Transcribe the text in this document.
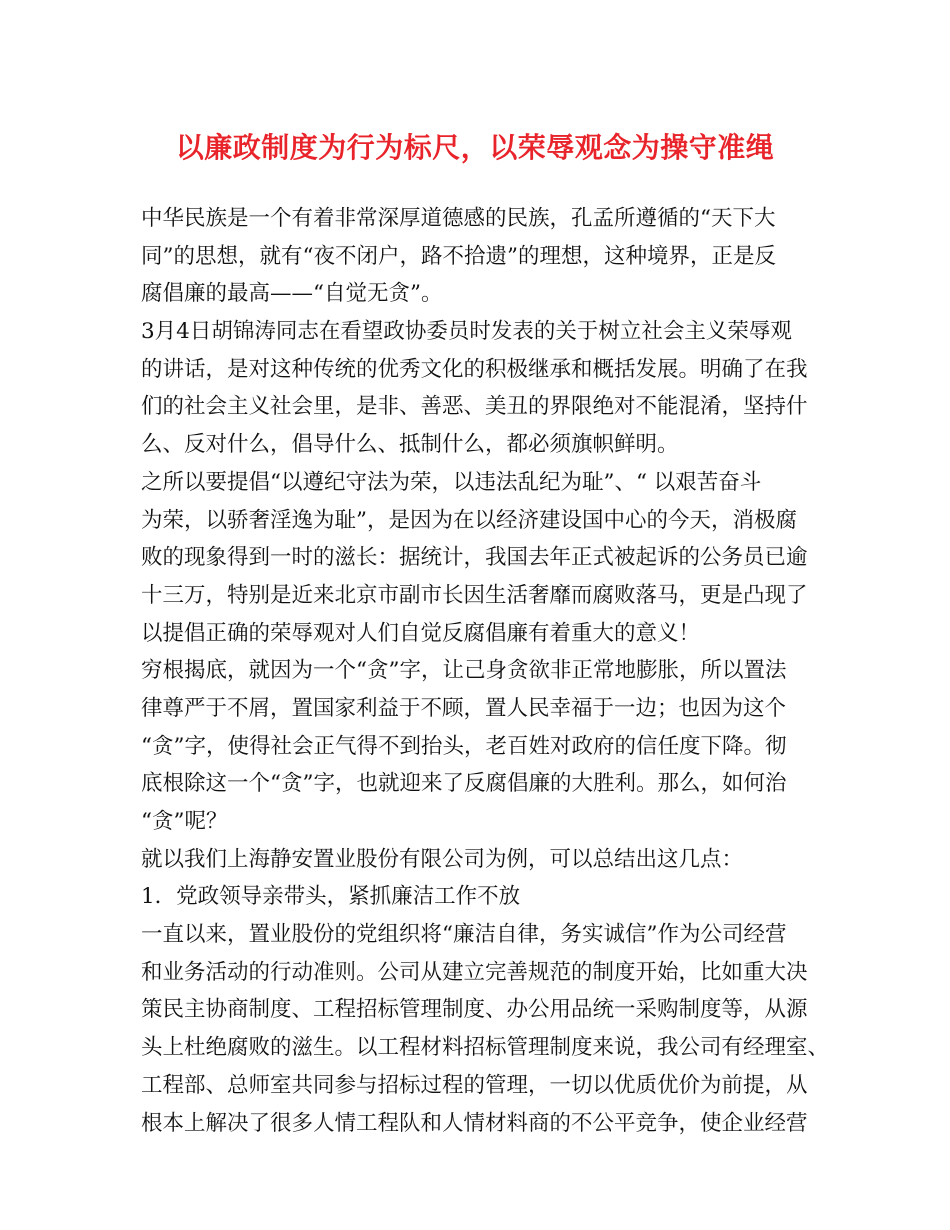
以廉政制度为行为标尺，以荣辱观念为操守准绳
中华民族是一个有着非常深厚道德感的民族，孔孟所遵循的“天下大
同”的思想，就有“夜不闭户，路不拾遗”的理想，这种境界，正是反
腐倡廉的最高——“自觉无贪”。
3月4日胡锦涛同志在看望政协委员时发表的关于树立社会主义荣辱观
的讲话，是对这种传统的优秀文化的积极继承和概括发展。明确了在我
们的社会主义社会里，是非、善恶、美丑的界限绝对不能混淆，坚持什
么、反对什么，倡导什么、抵制什么，都必须旗帜鲜明。
之所以要提倡“以遵纪守法为荣，以违法乱纪为耻”、“ 以艰苦奋斗
为荣，以骄奢淫逸为耻”，是因为在以经济建设国中心的今天，消极腐
败的现象得到一时的滋长：据统计，我国去年正式被起诉的公务员已逾
十三万，特别是近来北京市副市长因生活奢靡而腐败落马，更是凸现了
以提倡正确的荣辱观对人们自觉反腐倡廉有着重大的意义！
穷根揭底，就因为一个“贪”字，让己身贪欲非正常地膨胀，所以置法
律尊严于不屑，置国家利益于不顾，置人民幸福于一边；也因为这个
“贪”字，使得社会正气得不到抬头，老百姓对政府的信任度下降。彻
底根除这一个“贪”字，也就迎来了反腐倡廉的大胜利。那么，如何治
“贪”呢？
就以我们上海静安置业股份有限公司为例，可以总结出这几点：
1．党政领导亲带头，紧抓廉洁工作不放
一直以来，置业股份的党组织将“廉洁自律，务实诚信”作为公司经营
和业务活动的行动准则。公司从建立完善规范的制度开始，比如重大决
策民主协商制度、工程招标管理制度、办公用品统一采购制度等，从源
头上杜绝腐败的滋生。以工程材料招标管理制度来说，我公司有经理室、
工程部、总师室共同参与招标过程的管理，一切以优质优价为前提，从
根本上解决了很多人情工程队和人情材料商的不公平竞争，使企业经营
